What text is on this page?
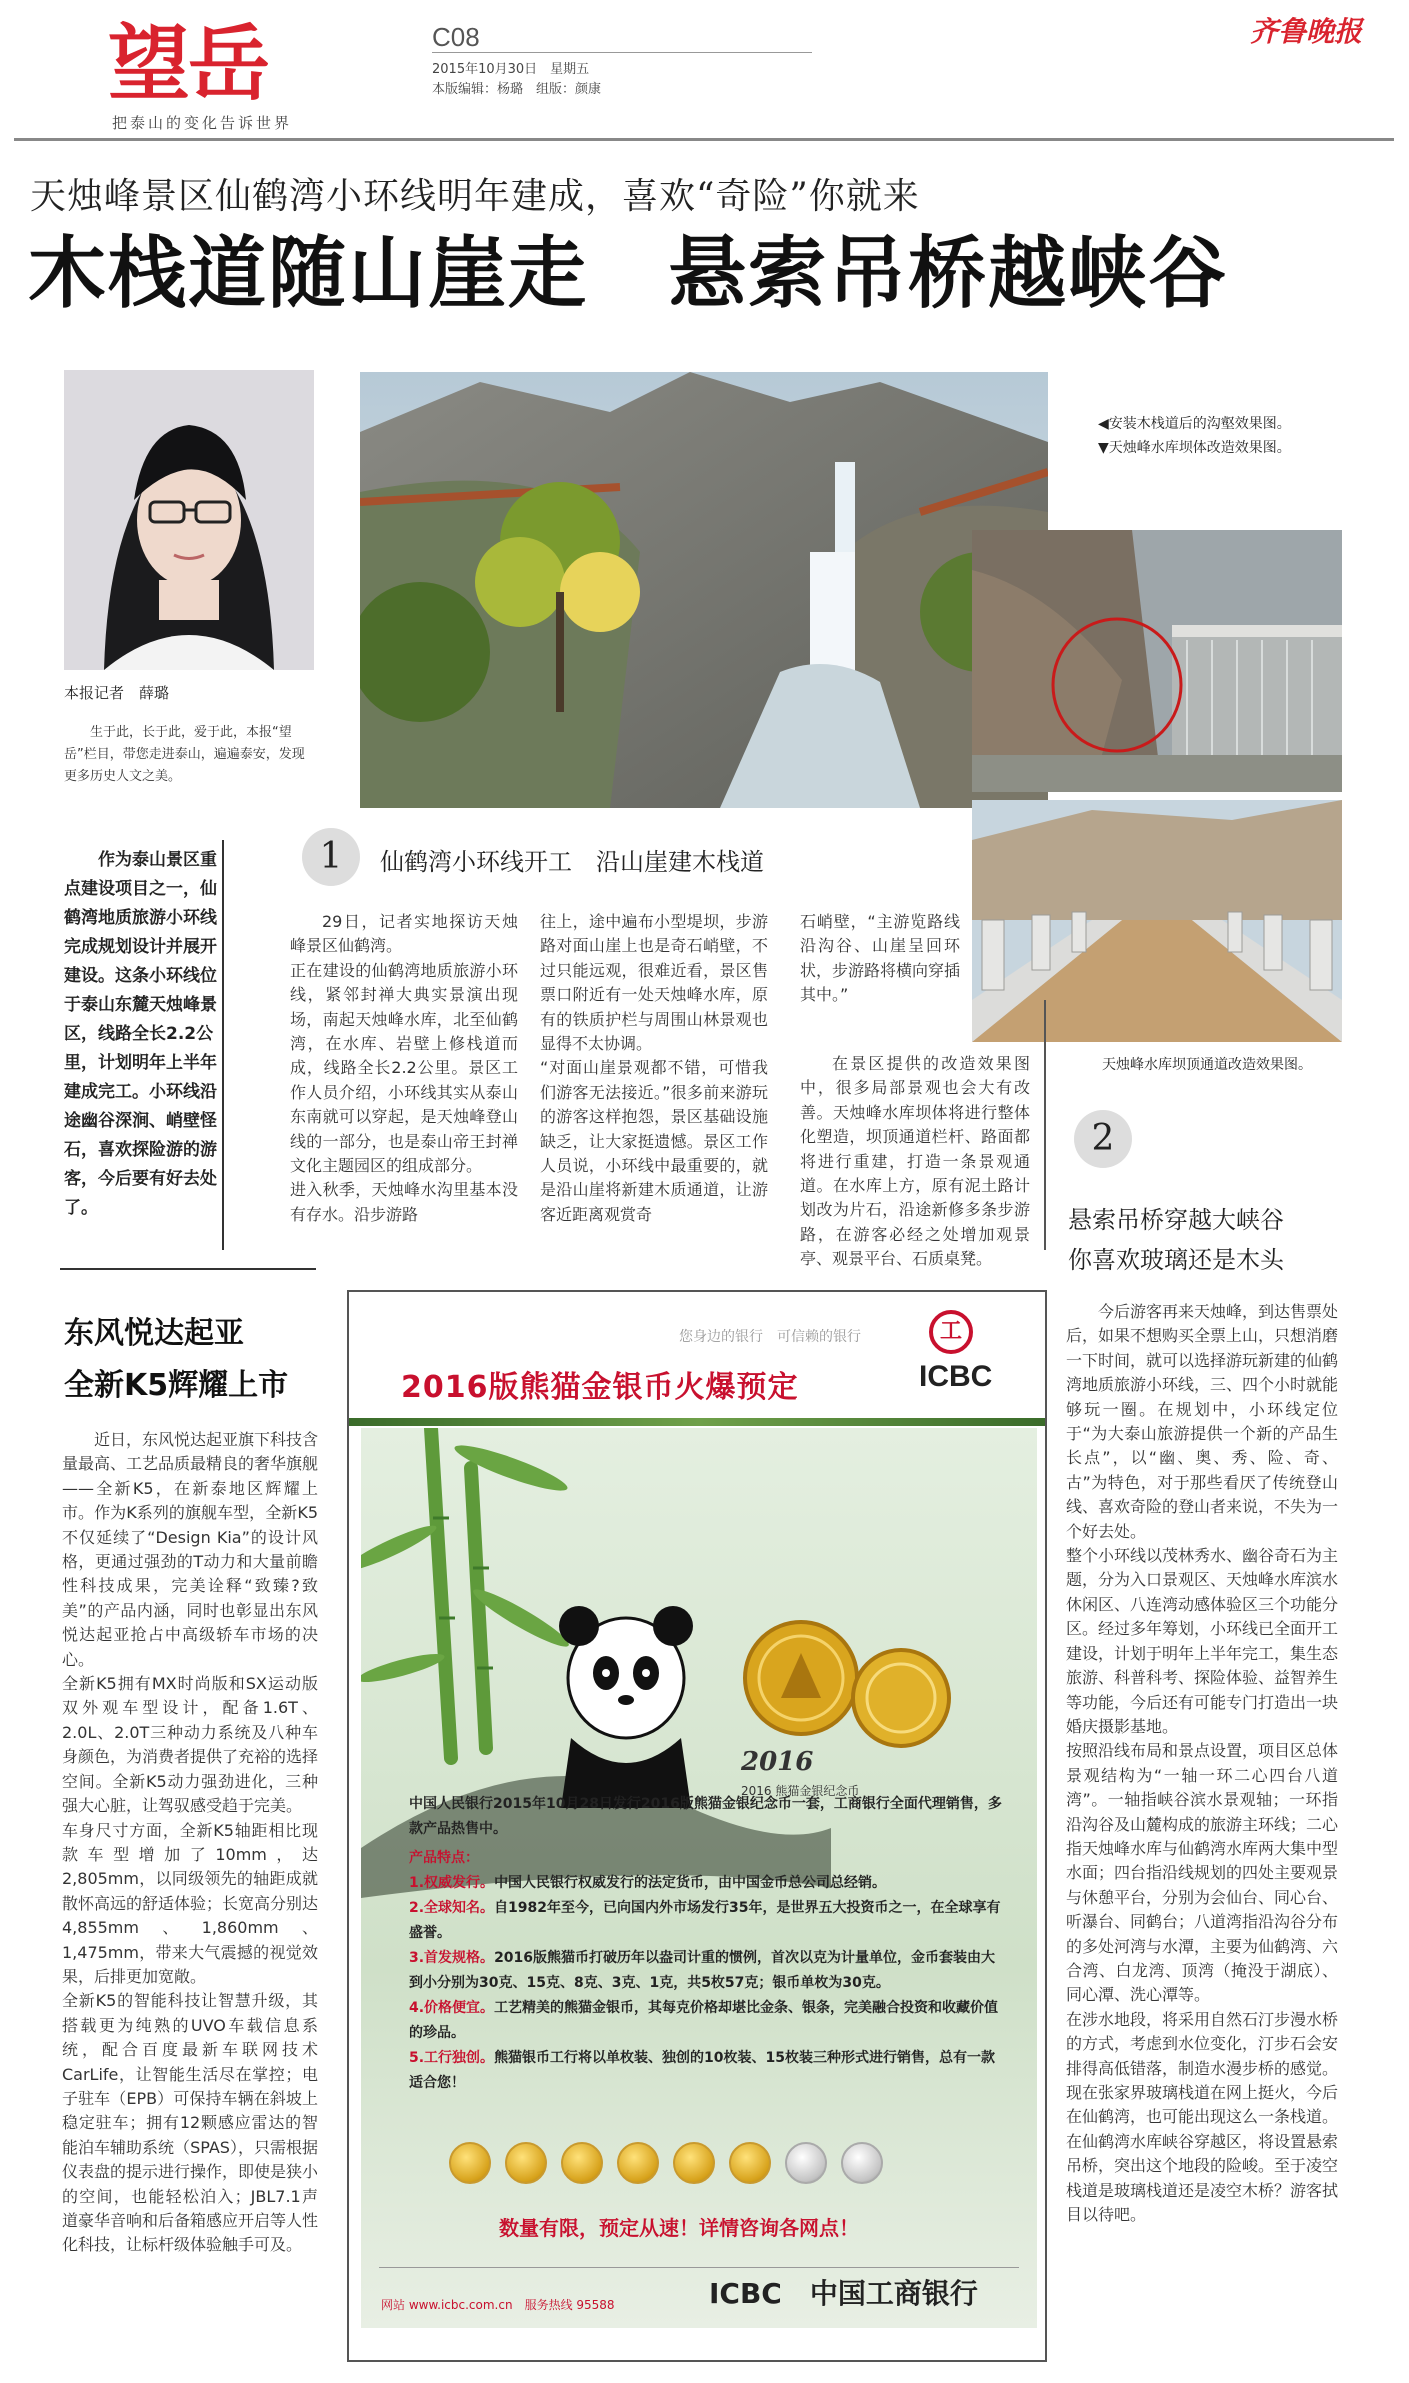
望岳
把泰山的变化告诉世界
C08
2015年10月30日　星期五
本版编辑：杨璐　组版：颜康
齐鲁晚报
天烛峰景区仙鹤湾小环线明年建成，喜欢“奇险”你就来
木栈道随山崖走　悬索吊桥越峡谷
本报记者　薛璐
生于此，长于此，爱于此，本报“望岳”栏目，带您走进泰山，遍遍泰安，发现更多历史人文之美。
◀安装木栈道后的沟壑效果图。
▼天烛峰水库坝体改造效果图。
天烛峰水库坝顶通道改造效果图。
作为泰山景区重点建设项目之一，仙鹤湾地质旅游小环线完成规划设计并展开建设。这条小环线位于泰山东麓天烛峰景区，线路全长2.2公里，计划明年上半年建成完工。小环线沿途幽谷深涧、峭壁怪石，喜欢探险游的游客，今后要有好去处了。
1	仙鹤湾小环线开工　沿山崖建木栈道
29日，记者实地探访天烛峰景区仙鹤湾。
正在建设的仙鹤湾地质旅游小环线，紧邻封禅大典实景演出现场，南起天烛峰水库，北至仙鹤湾，在水库、岩壁上修栈道而成，线路全长2.2公里。景区工作人员介绍，小环线其实从泰山东南就可以穿起，是天烛峰登山线的一部分，也是泰山帝王封禅文化主题园区的组成部分。
进入秋季，天烛峰水沟里基本没有存水。沿步游路
往上，途中遍布小型堤坝，步游路对面山崖上也是奇石峭壁，不过只能远观，很难近看，景区售票口附近有一处天烛峰水库，原有的铁质护栏与周围山林景观也显得不太协调。
“对面山崖景观都不错，可惜我们游客无法接近。”很多前来游玩的游客这样抱怨，景区基础设施缺乏，让大家挺遗憾。景区工作人员说，小环线中最重要的，就是沿山崖将新建木质通道，让游客近距离观赏奇
石峭壁，“主游览路线沿沟谷、山崖呈回环状，步游路将横向穿插其中。”
在景区提供的改造效果图中，很多局部景观也会大有改善。天烛峰水库坝体将进行整体化塑造，坝顶通道栏杆、路面都将进行重建，打造一条景观通道。在水库上方，原有泥土路计划改为片石，沿途新修多条步游路，在游客必经之处增加观景亭、观景平台、石质桌凳。
2
悬索吊桥穿越大峡谷
你喜欢玻璃还是木头
今后游客再来天烛峰，到达售票处后，如果不想购买全票上山，只想消磨一下时间，就可以选择游玩新建的仙鹤湾地质旅游小环线，三、四个小时就能够玩一圈。在规划中，小环线定位于“为大泰山旅游提供一个新的产品生长点”，以“幽、奥、秀、险、奇、古”为特色，对于那些看厌了传统登山线、喜欢奇险的登山者来说，不失为一个好去处。
整个小环线以茂林秀水、幽谷奇石为主题，分为入口景观区、天烛峰水库滨水休闲区、八连湾动感体验区三个功能分区。经过多年筹划，小环线已全面开工建设，计划于明年上半年完工，集生态旅游、科普科考、探险体验、益智养生等功能，今后还有可能专门打造出一块婚庆摄影基地。
按照沿线布局和景点设置，项目区总体景观结构为“一轴一环二心四台八道湾”。一轴指峡谷滨水景观轴；一环指沿沟谷及山麓构成的旅游主环线；二心指天烛峰水库与仙鹤湾水库两大集中型水面；四台指沿线规划的四处主要观景与休憩平台，分别为会仙台、同心台、听瀑台、同鹤台；八道湾指沿沟谷分布的多处河湾与水潭，主要为仙鹤湾、六合湾、白龙湾、顶湾（掩没于湖底）、同心潭、洗心潭等。
在涉水地段，将采用自然石汀步漫水桥的方式，考虑到水位变化，汀步石会安排得高低错落，制造水漫步桥的感觉。现在张家界玻璃栈道在网上挺火，今后在仙鹤湾，也可能出现这么一条栈道。在仙鹤湾水库峡谷穿越区，将设置悬索吊桥，突出这个地段的险峻。至于凌空栈道是玻璃栈道还是凌空木桥？游客拭目以待吧。
东风悦达起亚
全新K5辉耀上市
近日，东风悦达起亚旗下科技含量最高、工艺品质最精良的奢华旗舰——全新K5，在新泰地区辉耀上市。作为K系列的旗舰车型，全新K5不仅延续了“Design Kia”的设计风格，更通过强劲的T动力和大量前瞻性科技成果，完美诠释“致臻?致美”的产品内涵，同时也彰显出东风悦达起亚抢占中高级轿车市场的决心。
全新K5拥有MX时尚版和SX运动版双外观车型设计，配备1.6T、2.0L、2.0T三种动力系统及八种车身颜色，为消费者提供了充裕的选择空间。全新K5动力强劲进化，三种强大心脏，让驾驭感受趋于完美。
车身尺寸方面，全新K5轴距相比现款车型增加了10mm，达2,805mm，以同级领先的轴距成就散怀高远的舒适体验；长宽高分别达4,855mm、1,860mm、1,475mm，带来大气震撼的视觉效果，后排更加宽敞。
全新K5的智能科技让智慧升级，其搭载更为纯熟的UVO车载信息系统，配合百度最新车联网技术CarLife，让智能生活尽在掌控；电子驻车（EPB）可保持车辆在斜坡上稳定驻车；拥有12颗感应雷达的智能泊车辅助系统（SPAS），只需根据仪表盘的提示进行操作，即使是狭小的空间，也能轻松泊入；JBL7.1声道豪华音响和后备箱感应开启等人性化科技，让标杆级体验触手可及。
您身边的银行　可信赖的银行	工
ICBC
2016版熊猫金银币火爆预定
2016
2016 熊猫金银纪念币
中国人民银行2015年10月28日发行2016版熊猫金银纪念币一套，工商银行全面代理销售，多款产品热售中。
产品特点：
1.权威发行。中国人民银行权威发行的法定货币，由中国金币总公司总经销。
2.全球知名。自1982年至今，已向国内外市场发行35年，是世界五大投资币之一，在全球享有盛誉。
3.首发规格。2016版熊猫币打破历年以盎司计重的惯例，首次以克为计量单位，金币套装由大到小分别为30克、15克、8克、3克、1克，共5枚57克；银币单枚为30克。
4.价格便宜。工艺精美的熊猫金银币，其每克价格却堪比金条、银条，完美融合投资和收藏价值的珍品。
5.工行独创。熊猫银币工行将以单枚装、独创的10枚装、15枚装三种形式进行销售，总有一款适合您！
数量有限，预定从速！详情咨询各网点！
网站 www.icbc.com.cn　服务热线 95588	ICBC　中国工商银行
